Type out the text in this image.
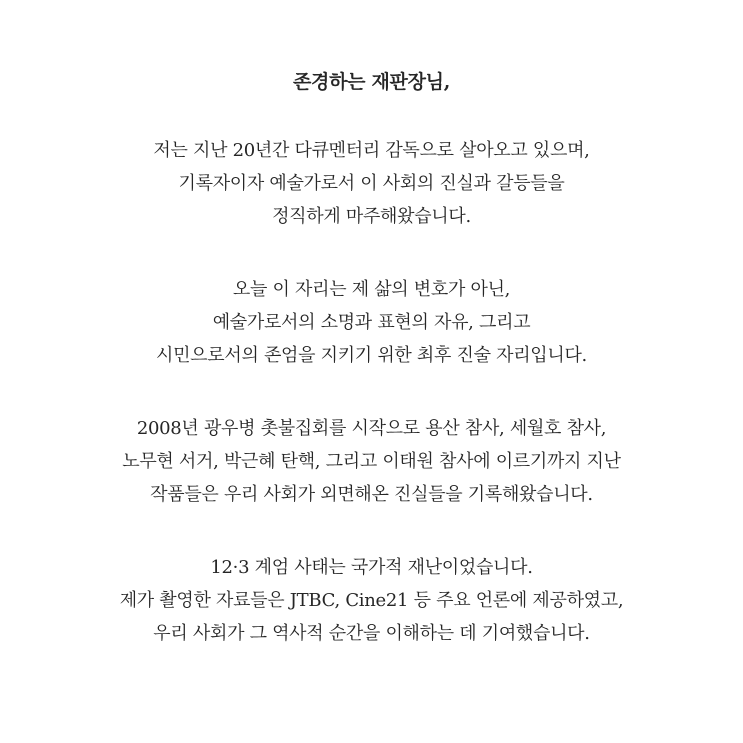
존경하는 재판장님,

저는 지난 20년간 다큐멘터리 감독으로 살아오고 있으며,
기록자이자 예술가로서 이 사회의 진실과 갈등들을
정직하게 마주해왔습니다.

오늘 이 자리는 제 삶의 변호가 아닌,
예술가로서의 소명과 표현의 자유, 그리고
시민으로서의 존엄을 지키기 위한 최후 진술 자리입니다.

2008년 광우병 촛불집회를 시작으로 용산 참사, 세월호 참사,
노무현 서거, 박근혜 탄핵, 그리고 이태원 참사에 이르기까지 지난
작품들은 우리 사회가 외면해온 진실들을 기록해왔습니다.

12·3 계엄 사태는 국가적 재난이었습니다.
제가 촬영한 자료들은 JTBC, Cine21 등 주요 언론에 제공하였고,
우리 사회가 그 역사적 순간을 이해하는 데 기여했습니다.
